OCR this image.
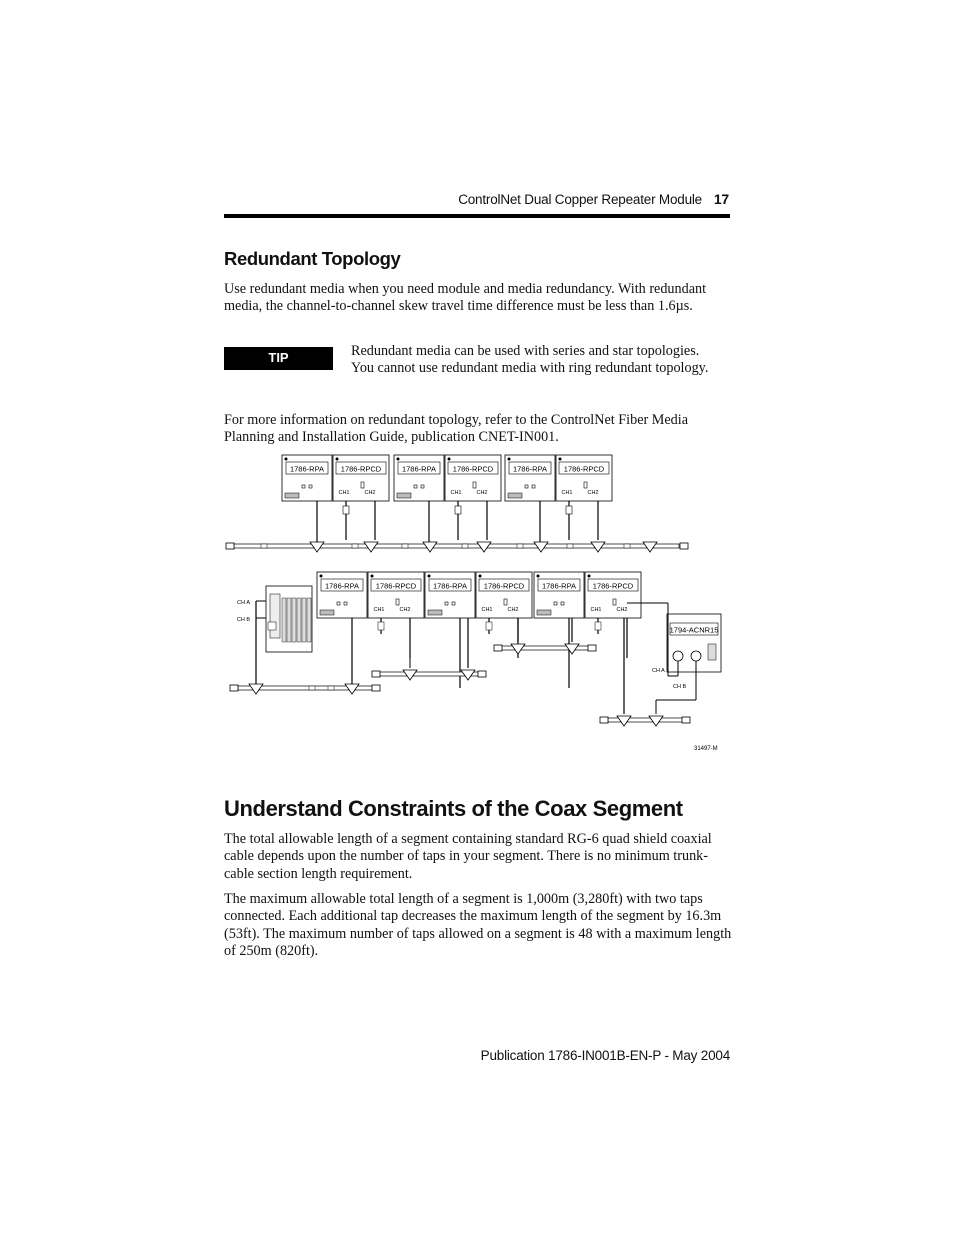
ControlNet Dual Copper Repeater Module 17
Redundant Topology

Use redundant media when you need module and media redundancy. With redundant media, the channel-to-channel skew travel time difference must be less than 1.6µs.

TIP	Redundant media can be used with series and star topologies. You cannot use redundant media with ring redundant topology.

For more information on redundant topology, refer to the ControlNet Fiber Media Planning and Installation Guide, publication CNET-IN001.

1786-RPA 1786-RPCD
CH1	CH2
1786-RPA 1786-RPCD
CH1	CH2
1786-RPA 1786-RPCD
CH1	CH2
1786-RPA 1786-RPCD
CH1	CH2
1786-RPA 1786-RPCD
CH1	CH2
1786-RPA 1786-RPCD
CH1	CH2
CH A
CH B
1794-ACNR15
CH A
CH B
31497-M
Understand Constraints of the Coax Segment

The total allowable length of a segment containing standard RG-6 quad shield coaxial cable depends upon the number of taps in your segment. There is no minimum trunk-cable section length requirement.

The maximum allowable total length of a segment is 1,000m (3,280ft) with two taps connected. Each additional tap decreases the maximum length of the segment by 16.3m (53ft). The maximum number of taps allowed on a segment is 48 with a maximum length of 250m (820ft).

Publication 1786-IN001B-EN-P - May 2004
